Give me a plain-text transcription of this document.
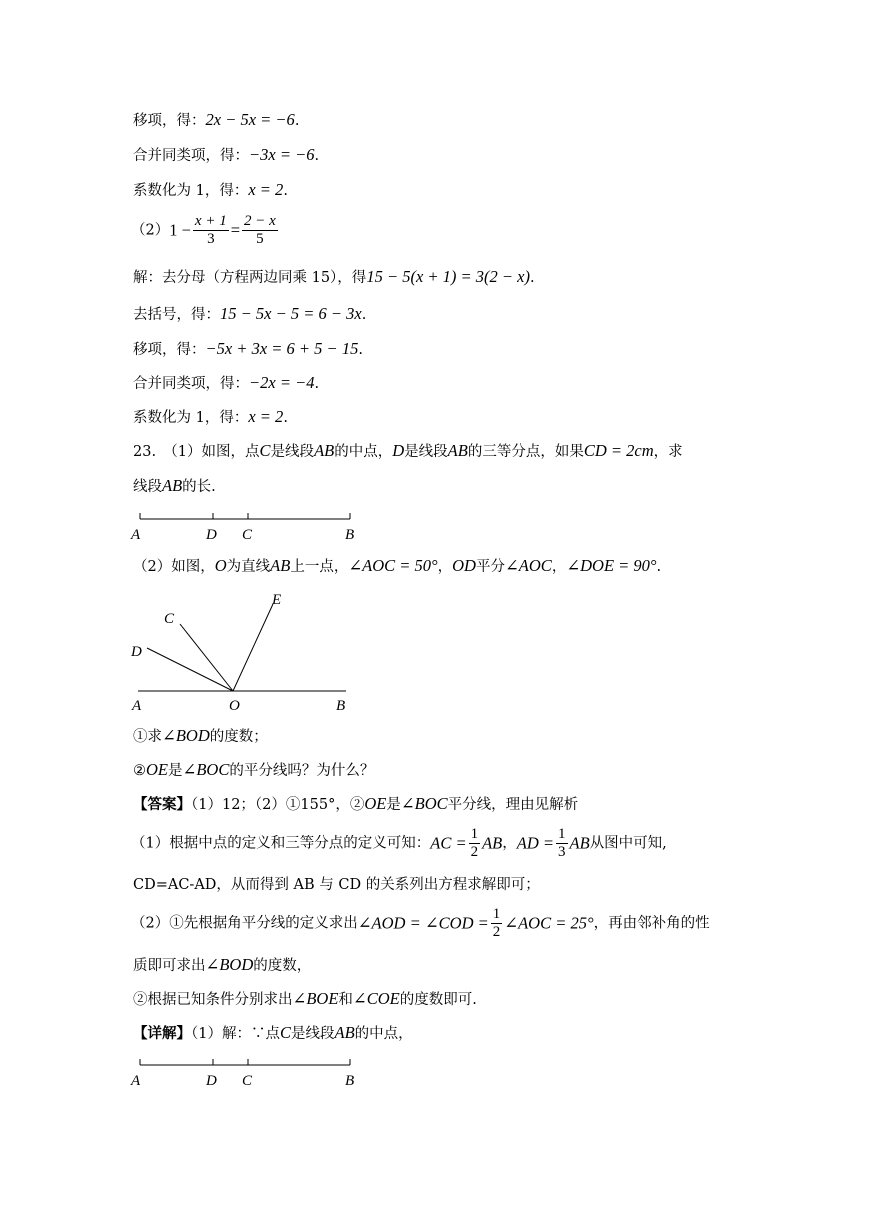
移项，得：2x − 5x = −6.
合并同类项，得：−3x = −6.
系数化为 1，得：x = 2.
$(2)1 - \frac{x + 1}{3} = \frac{2 - x}{5}$
解：去分母（方程两边同乘 15），得15 − 5(x + 1) = 3(2 − x).
去括号，得：15 − 5x − 5 = 6 − 3x.
移项，得：−5x + 3x = 6 + 5 − 15.
合并同类项，得：−2x = −4.
系数化为 1，得：x = 2.
23.　（1）如图，点C是线段AB的中点，D是线段AB的三等分点，如果CD = 2cm，求
线段AB的长.
A	D C	B
（2）如图，O为直线AB上一点，∠AOC = 50°，OD平分∠AOC，∠DOE = 90°.
A	O	B
C
D
E
①求∠BOD的度数；
②OE是∠BOC的平分线吗？为什么？
【答案】（1）12；（2）①155°，②OE是∠BOC平分线，理由见解析
（1）根据中点的定义和三等分点的定义可知：AC = $\frac{1}{2}$ AB，AD = $\frac{1}{3}$ AB从图中可知,
CD=AC-AD，从而得到 AB 与 CD 的关系列出方程求解即可；
（2）①先根据角平分线的定义求出∠AOD = ∠COD = $\frac{1}{2}$ ∠AOC = 25°，再由邻补角的性
质即可求出∠BOD的度数，
②根据已知条件分别求出∠BOE和∠COE的度数即可.
【详解】（1）解：∵点C是线段AB的中点，
A	D C	B
